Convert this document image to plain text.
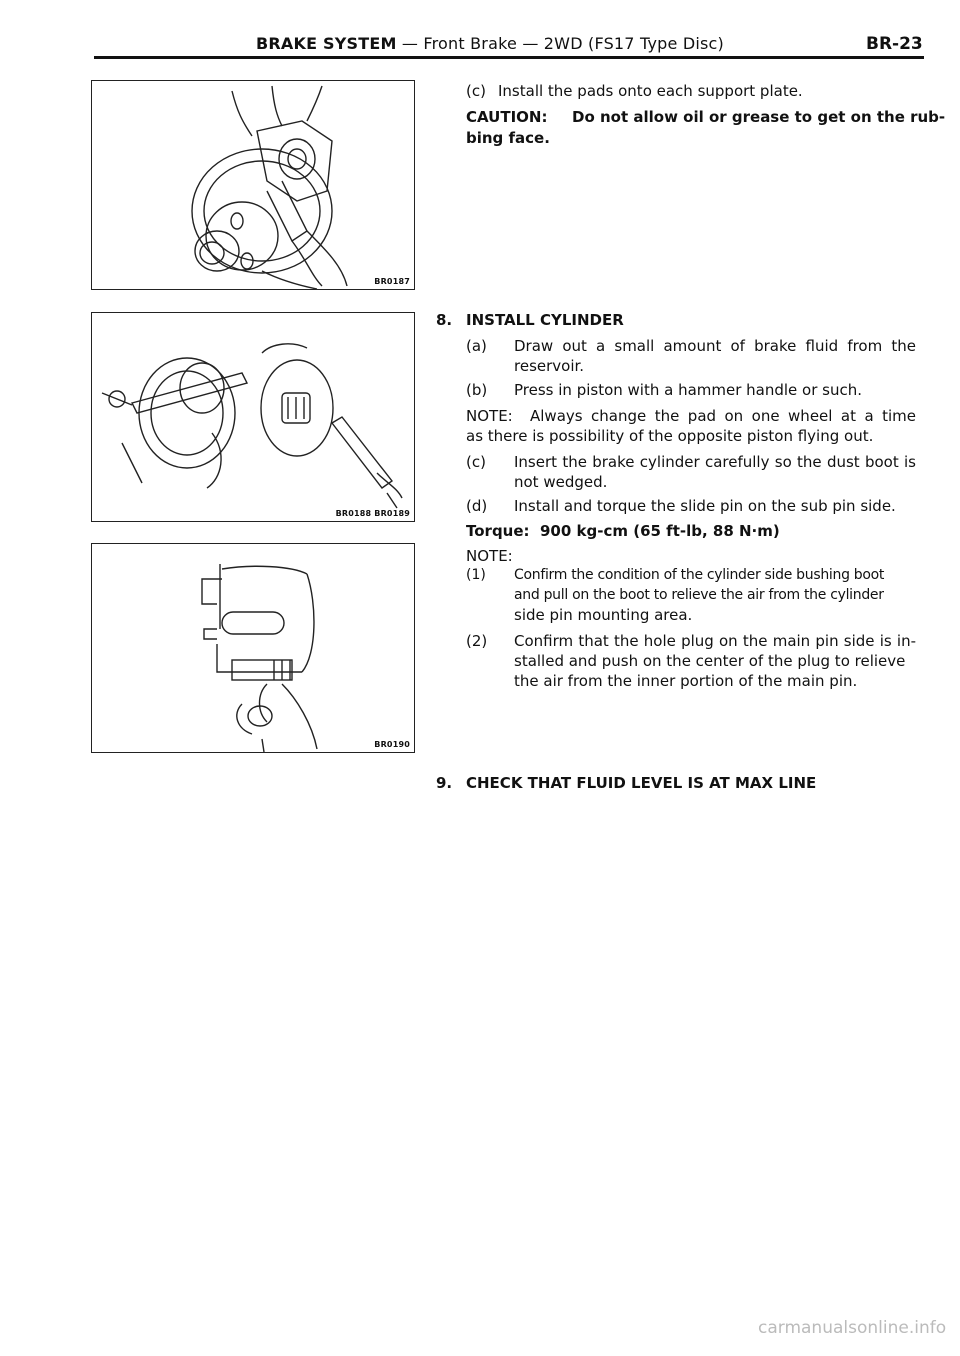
BRAKE SYSTEM — Front Brake — 2WD (FS17 Type Disc)	BR-23
BR0187
BR0188 BR0189
BR0190
(c) Install the pads onto each support plate.
CAUTION: Do not allow oil or grease to get on the rub-
bing face.
8. INSTALL CYLINDER
(a) Draw out a small amount of brake fluid from the
reservoir.
(b) Press in piston with a hammer handle or such.
NOTE: Always change the pad on one wheel at a time
as there is possibility of the opposite piston flying out.
(c) Insert the brake cylinder carefully so the dust boot is
not wedged.
(d) Install and torque the slide pin on the sub pin side.
Torque: 900 kg-cm (65 ft-lb, 88 N·m)
NOTE:
(1) Confirm the condition of the cylinder side bushing boot
and pull on the boot to relieve the air from the cylinder
side pin mounting area.
(2) Confirm that the hole plug on the main pin side is in-
stalled and push on the center of the plug to relieve
the air from the inner portion of the main pin.
9. CHECK THAT FLUID LEVEL IS AT MAX LINE
carmanualsonline.info
